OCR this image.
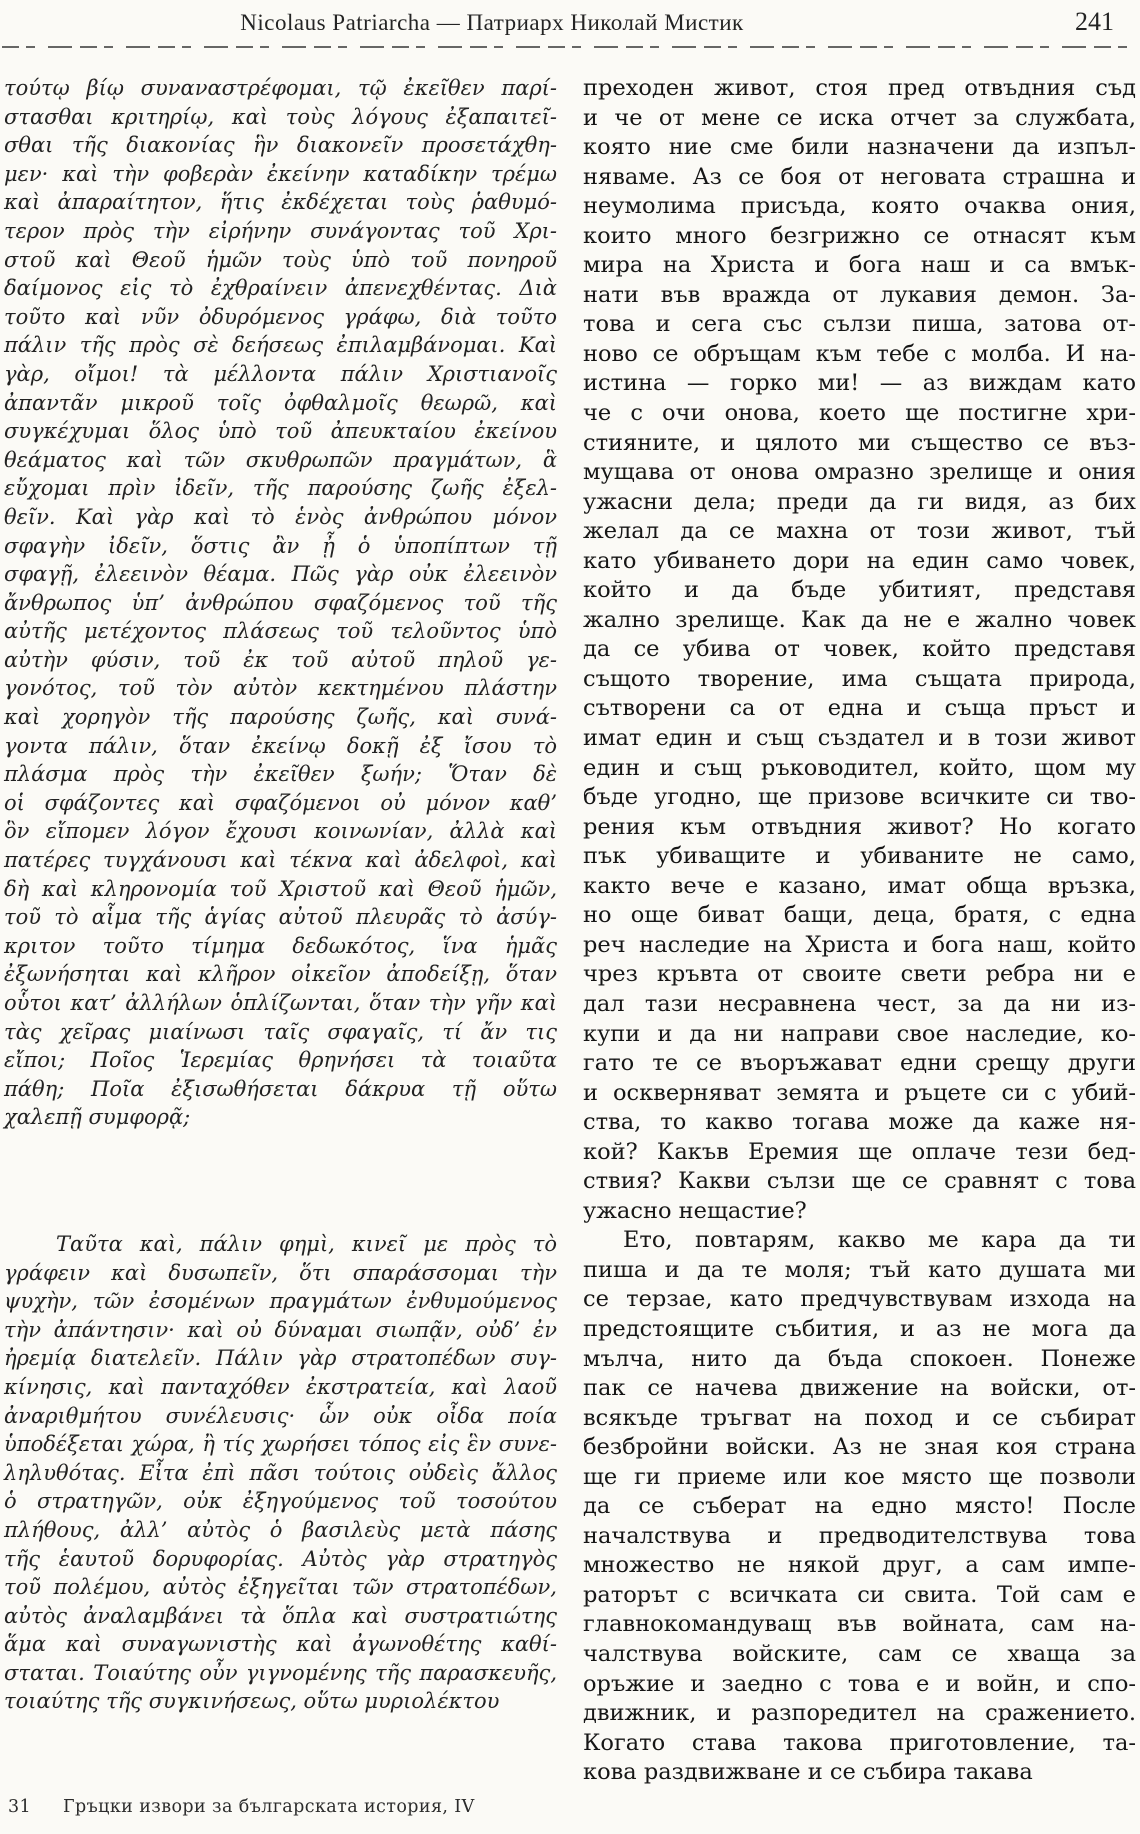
Nicolaus Patriarcha — Патриарх Николай Мистик	241
τούτῳ βίῳ συναναστρέφομαι, τῷ ἐκεῖθεν παρί-
στασθαι κριτηρίῳ, καὶ τοὺς λόγους ἐξαπαιτεῖ-
σθαι τῆς διακονίας ἣν διακονεῖν προσετάχθη-
μεν· καὶ τὴν φοβερὰν ἐκείνην καταδίκην τρέμω
καὶ ἀπαραίτητον, ἥτις ἐκδέχεται τοὺς ῥαθυμό-
τερον πρὸς τὴν εἰρήνην συνάγοντας τοῦ Χρι-
στοῦ καὶ Θεοῦ ἡμῶν τοὺς ὑπὸ τοῦ πονηροῦ
δαίμονος εἰς τὸ ἐχθραίνειν ἀπενεχθέντας. Διὰ
τοῦτο καὶ νῦν ὀδυρόμενος γράφω, διὰ τοῦτο
πάλιν τῆς πρὸς σὲ δεήσεως ἐπιλαμβάνομαι. Καὶ
γὰρ, οἴμοι! τὰ μέλλοντα πάλιν Χριστιανοῖς
ἀπαντᾶν μικροῦ τοῖς ὀφθαλμοῖς θεωρῶ, καὶ
συγκέχυμαι ὅλος ὑπὸ τοῦ ἀπευκταίου ἐκείνου
θεάματος καὶ τῶν σκυθρωπῶν πραγμάτων, ἃ
εὔχομαι πρὶν ἰδεῖν, τῆς παρούσης ζωῆς ἐξελ-
θεῖν. Καὶ γὰρ καὶ τὸ ἑνὸς ἀνθρώπου μόνον
σφαγὴν ἰδεῖν, ὅστις ἂν ᾖ ὁ ὑποπίπτων τῇ
σφαγῇ, ἐλεεινὸν θέαμα. Πῶς γὰρ οὐκ ἐλεεινὸν
ἄνθρωπος ὑπ’ ἀνθρώπου σφαζόμενος τοῦ τῆς
αὐτῆς μετέχοντος πλάσεως τοῦ τελοῦντος ὑπὸ
αὐτὴν φύσιν, τοῦ ἐκ τοῦ αὐτοῦ πηλοῦ γε-
γονότος, τοῦ τὸν αὐτὸν κεκτημένου πλάστην
καὶ χορηγὸν τῆς παρούσης ζωῆς, καὶ συνά-
γοντα πάλιν, ὅταν ἐκείνῳ δοκῇ ἐξ ἴσου τὸ
πλάσμα πρὸς τὴν ἐκεῖθεν ξωήν; Ὅταν δὲ
οἱ σφάζοντες καὶ σφαζόμενοι οὐ μόνον καθ’
ὃν εἴπομεν λόγον ἔχουσι κοινωνίαν, ἀλλὰ καὶ
πατέρες τυγχάνουσι καὶ τέκνα καὶ ἀδελφοὶ, καὶ
δὴ καὶ κληρονομία τοῦ Χριστοῦ καὶ Θεοῦ ἡμῶν,
τοῦ τὸ αἷμα τῆς ἁγίας αὐτοῦ πλευρᾶς τὸ ἀσύγ-
κριτον τοῦτο τίμημα δεδωκότος, ἵνα ἡμᾶς
ἐξωνήσηται καὶ κλῆρον οἰκεῖον ἀποδείξῃ, ὅταν
οὗτοι κατ’ ἀλλήλων ὁπλίζωνται, ὅταν τὴν γῆν καὶ
τὰς χεῖρας μιαίνωσι ταῖς σφαγαῖς, τί ἄν τις
εἴποι; Ποῖος Ἱερεμίας θρηνήσει τὰ τοιαῦτα
πάθη; Ποῖα ἐξισωθήσεται δάκρυα τῇ οὕτω
χαλεπῇ συμφορᾷ;
Ταῦτα καὶ, πάλιν φημὶ, κινεῖ με πρὸς τὸ
γράφειν καὶ δυσωπεῖν, ὅτι σπαράσσομαι τὴν
ψυχὴν, τῶν ἐσομένων πραγμάτων ἐνθυμούμενος
τὴν ἀπάντησιν· καὶ οὐ δύναμαι σιωπᾷν, οὐδ’ ἐν
ἠρεμίᾳ διατελεῖν. Πάλιν γὰρ στρατοπέδων συγ-
κίνησις, καὶ πανταχόθεν ἐκστρατεία, καὶ λαοῦ
ἀναριθμήτου συνέλευσις· ὧν οὐκ οἶδα ποία
ὑποδέξεται χώρα, ἢ τίς χωρήσει τόπος εἰς ἓν συνε-
ληλυθότας. Εἶτα ἐπὶ πᾶσι τούτοις οὐδεὶς ἄλλος
ὁ στρατηγῶν, οὐκ ἐξηγούμενος τοῦ τοσούτου
πλήθους, ἀλλ’ αὐτὸς ὁ βασιλεὺς μετὰ πάσης
τῆς ἑαυτοῦ δορυφορίας. Αὐτὸς γὰρ στρατηγὸς
τοῦ πολέμου, αὐτὸς ἐξηγεῖται τῶν στρατοπέδων,
αὐτὸς ἀναλαμβάνει τὰ ὅπλα καὶ συστρατιώτης
ἅμα καὶ συναγωνιστὴς καὶ ἀγωνοθέτης καθί-
σταται. Τοιαύτης οὖν γιγνομένης τῆς παρασκευῆς,
τοιαύτης τῆς συγκινήσεως, οὕτω μυριολέκτου
преходен живот, стоя пред отвъдния съд
и че от мене се иска отчет за службата,
която ние сме били назначени да изпъл-
няваме. Аз се боя от неговата страшна и
неумолима присъда, която очаква ония,
които много безгрижно се отнасят към
мира на Христа и бога наш и са вмък-
нати във вражда от лукавия демон. За-
това и сега със сълзи пиша, затова от-
ново се обръщам към тебе с молба. И на-
истина — горко ми! — аз виждам като
че с очи онова, което ще постигне хри-
стияните, и цялото ми същество се въз-
мущава от онова омразно зрелище и ония
ужасни дела; преди да ги видя, аз бих
желал да се махна от този живот, тъй
като убиването дори на един само човек,
който и да бъде убитият, представя
жално зрелище. Как да не е жално човек
да се убива от човек, който представя
същото творение, има същата природа,
сътворени са от една и съща пръст и
имат един и същ създател и в този живот
един и същ ръководител, който, щом му
бъде угодно, ще призове всичките си тво-
рения към отвъдния живот? Но когато
пък убиващите и убиваните не само,
както вече е казано, имат обща връзка,
но още биват бащи, деца, братя, с една
реч наследие на Христа и бога наш, който
чрез кръвта от своите свети ребра ни е
дал тази несравнена чест, за да ни из-
купи и да ни направи свое наследие, ко-
гато те се въоръжават едни срещу други
и оскверняват земята и ръцете си с убий-
ства, то какво тогава може да каже ня-
кой? Какъв Еремия ще оплаче тези бед-
ствия? Какви сълзи ще се сравнят с това
ужасно нещастие?
Ето, повтарям, какво ме кара да ти
пиша и да те моля; тъй като душата ми
се терзае, като предчувствувам изхода на
предстоящите събития, и аз не мога да
мълча, нито да бъда спокоен. Понеже
пак се начева движение на войски, от-
всякъде тръгват на поход и се събират
безбройни войски. Аз не зная коя страна
ще ги приеме или кое място ще позволи
да се съберат на едно място! После
началствува и предводителствува това
множество не някой друг, а сам импе-
раторът с всичката си свита. Той сам е
главнокомандуващ във войната, сам на-
чалствува войските, сам се хваща за
оръжие и заедно с това е и войн, и спо-
движник, и разпоредител на сражението.
Когато става такова приготовление, та-
кова раздвижване и се събира такава
31 Гръцки извори за българската история, IV
